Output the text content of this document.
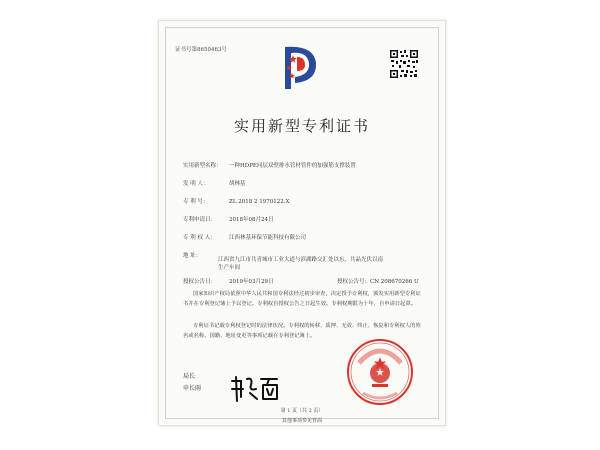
证书号第8650463号
实用新型专利证书
实用新型名称： 一种HDPE同层双壁排水管材管件的加强筋支撑装置
发 明 人：	胡林基
专 利 号：	ZL 2018 2 1970122.X
专利申请日： 2018年08月24日
专 利 权 人： 江西林基环保节能科技有限公司
地 址：
江西省九江市共青城市工业大道与滨湖路交汇处以东、共晶光伏以南生产车间
授权公告日： 2019年03月29日	授权公告号：CN 208670266 U
国家知识产权局依照中华人民共和国专利法经过初步审查，决定授予专利权，颁发实用新型专利证书并在专利登记簿上予以登记。专利权自授权公告之日起生效。专利权期限为十年，自申请日起算。
专利证书记载专利权登记时的法律状况。专利权的转移、质押、无效、终止、恢复和专利权人的姓名或名称、国籍、地址变更等事项记载在专利登记簿上。
局长
申长雨
第 1 页（共 2 页）
其他事项参见背面
